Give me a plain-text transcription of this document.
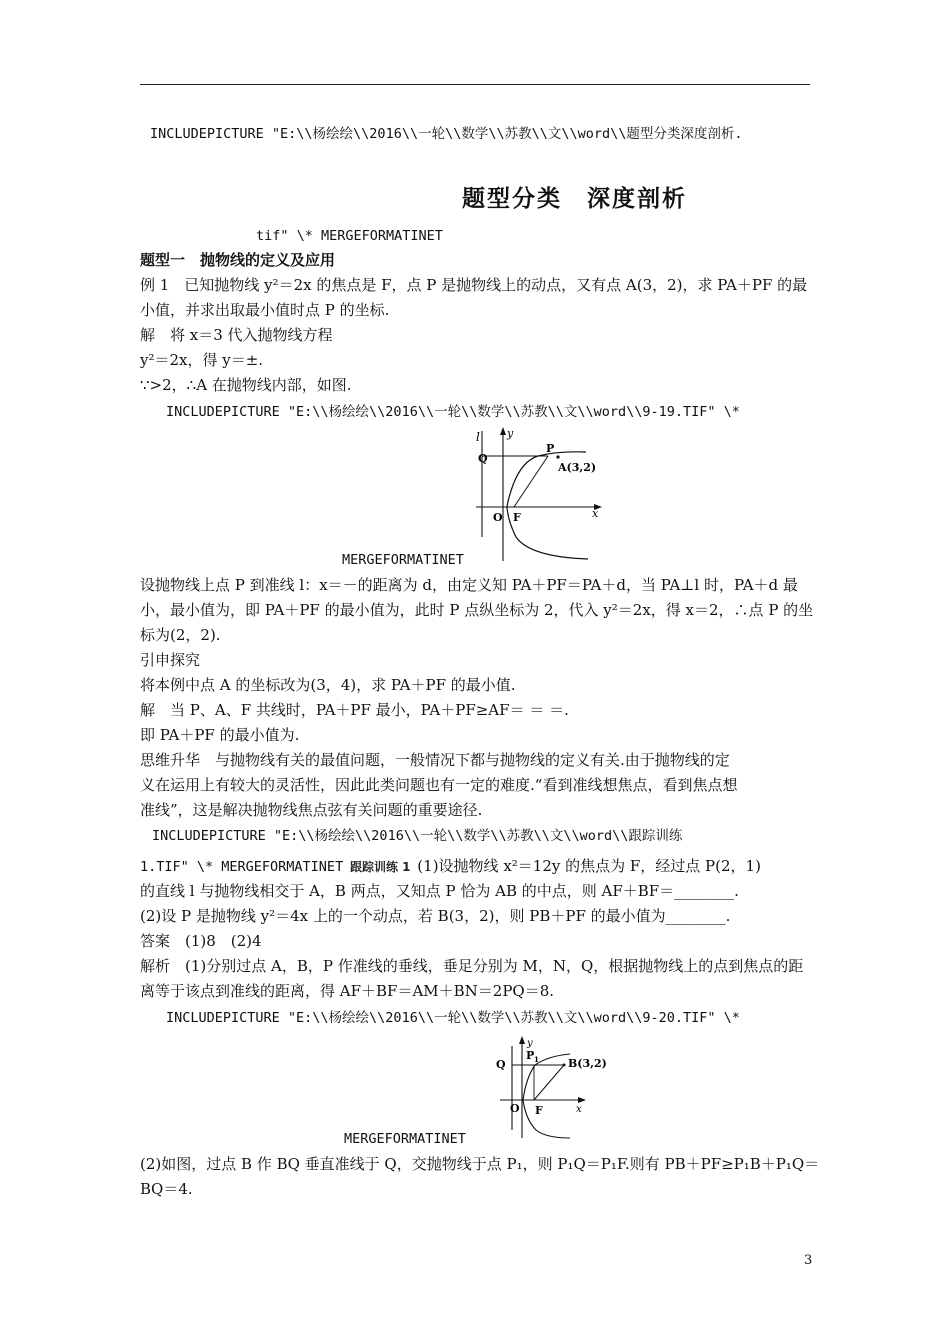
INCLUDEPICTURE "E:\\杨绘绘\\2016\\一轮\\数学\\苏教\\文\\word\\题型分类深度剖析.
题型分类　深度剖析
tif" \* MERGEFORMATINET
题型一　抛物线的定义及应用
例 1　已知抛物线 y²＝2x 的焦点是 F，点 P 是抛物线上的动点，又有点 A(3，2)，求 PA＋PF 的最
小值，并求出取最小值时点 P 的坐标.
解　将 x＝3 代入抛物线方程
y²＝2x，得 y＝±.
∵>2，∴A 在抛物线内部，如图.
INCLUDEPICTURE "E:\\杨绘绘\\2016\\一轮\\数学\\苏教\\文\\word\\9-19.TIF" \*
l y
Q
P
A(3,2)
O F	x
MERGEFORMATINET
设抛物线上点 P 到准线 l：x＝－的距离为 d，由定义知 PA＋PF＝PA＋d，当 PA⊥l 时，PA＋d 最
小，最小值为，即 PA＋PF 的最小值为，此时 P 点纵坐标为 2，代入 y²＝2x，得 x＝2，∴点 P 的坐
标为(2，2).
引申探究
将本例中点 A 的坐标改为(3，4)，求 PA＋PF 的最小值.
解　当 P、A、F 共线时，PA＋PF 最小，PA＋PF≥AF＝ ＝ ＝.
即 PA＋PF 的最小值为.
思维升华　与抛物线有关的最值问题，一般情况下都与抛物线的定义有关.由于抛物线的定
义在运用上有较大的灵活性，因此此类问题也有一定的难度.“看到准线想焦点，看到焦点想
准线”，这是解决抛物线焦点弦有关问题的重要途径.
INCLUDEPICTURE "E:\\杨绘绘\\2016\\一轮\\数学\\苏教\\文\\word\\跟踪训练
1.TIF" \* MERGEFORMATINET 跟踪训练 1 (1)设抛物线 x²＝12y 的焦点为 F，经过点 P(2，1)
的直线 l 与抛物线相交于 A，B 两点，又知点 P 恰为 AB 的中点，则 AF＋BF＝________.
(2)设 P 是抛物线 y²＝4x 上的一个动点，若 B(3，2)，则 PB＋PF 的最小值为________.
答案　(1)8　(2)4
解析　(1)分别过点 A，B，P 作准线的垂线，垂足分别为 M，N，Q，根据抛物线上的点到焦点的距
离等于该点到准线的距离，得 AF＋BF＝AM＋BN＝2PQ＝8.
INCLUDEPICTURE "E:\\杨绘绘\\2016\\一轮\\数学\\苏教\\文\\word\\9-20.TIF" \*
y
Q
P 1	B(3,2)
O F	x
MERGEFORMATINET
(2)如图，过点 B 作 BQ 垂直准线于 Q，交抛物线于点 P₁，则 P₁Q＝P₁F.则有 PB＋PF≥P₁B＋P₁Q＝
BQ＝4.
3
